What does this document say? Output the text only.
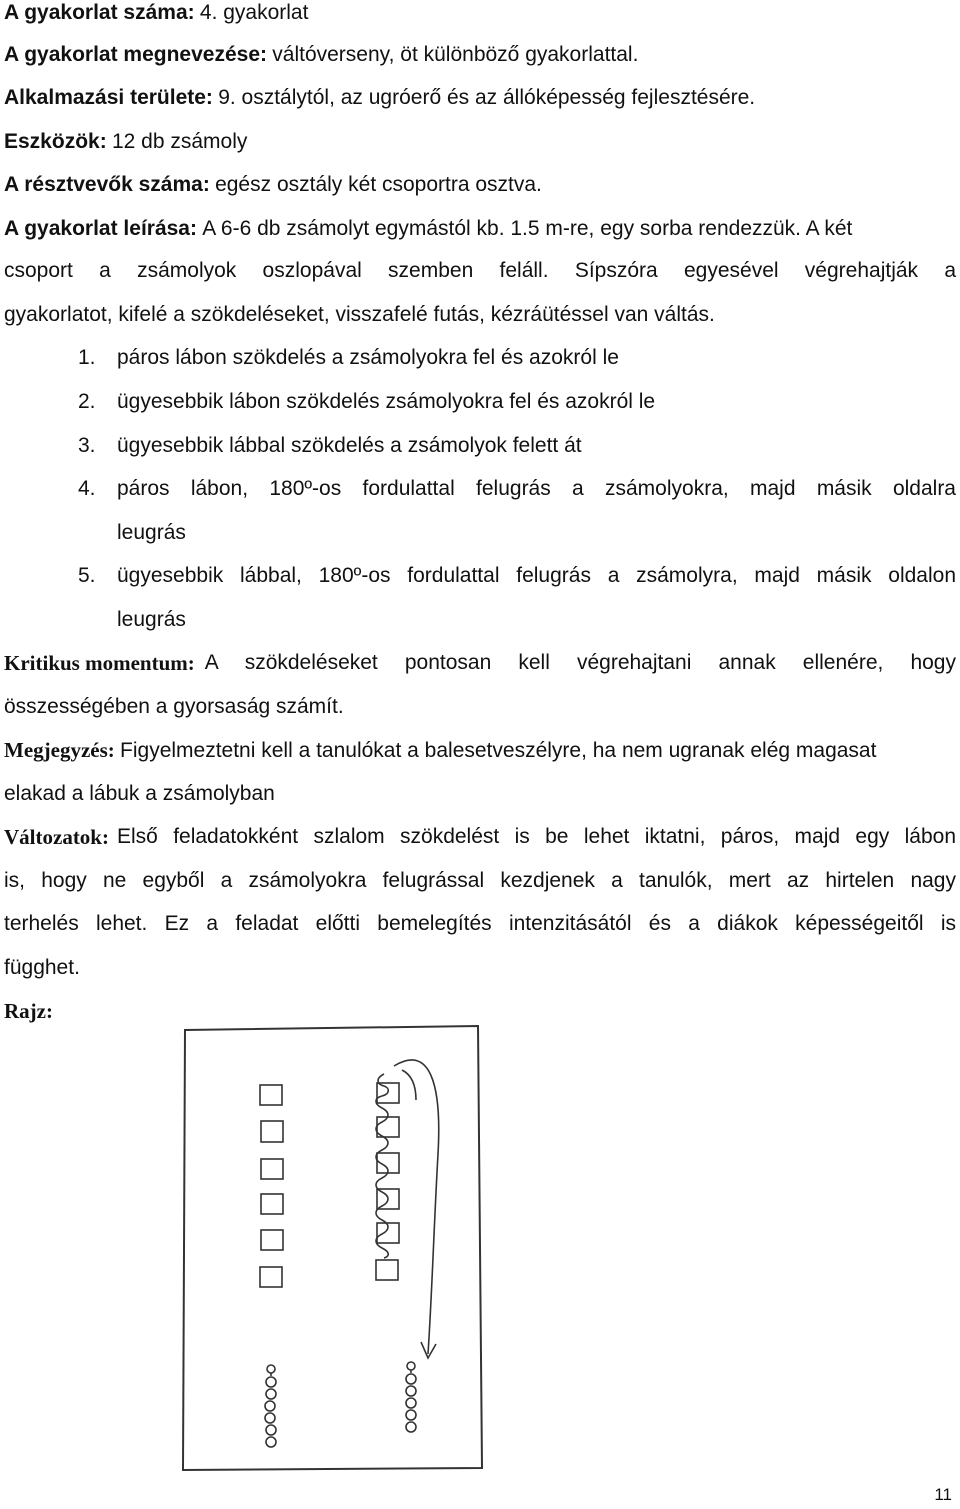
A gyakorlat száma: 4. gyakorlat
A gyakorlat megnevezése: váltóverseny, öt különböző gyakorlattal.
Alkalmazási területe: 9. osztálytól, az ugróerő és az állóképesség fejlesztésére.
Eszközök: 12 db zsámoly
A résztvevők száma: egész osztály két csoportra osztva.
A gyakorlat leírása: A 6-6 db zsámolyt egymástól kb. 1.5 m-re, egy sorba rendezzük. A két
csoport a zsámolyok oszlopával szemben feláll. Sípszóra egyesével végrehajtják a
gyakorlatot, kifelé a szökdeléseket, visszafelé futás, kézráütéssel van váltás.
1. páros lábon szökdelés a zsámolyokra fel és azokról le
2. ügyesebbik lábon szökdelés zsámolyokra fel és azokról le
3. ügyesebbik lábbal szökdelés a zsámolyok felett át
4. páros lábon, 180º-os fordulattal felugrás a zsámolyokra, majd másik oldalra
leugrás
5. ügyesebbik lábbal, 180º-os fordulattal felugrás a zsámolyra, majd másik oldalon
leugrás
Kritikus momentum: A szökdeléseket pontosan kell végrehajtani annak ellenére, hogy
összességében a gyorsaság számít.
Megjegyzés: Figyelmeztetni kell a tanulókat a balesetveszélyre, ha nem ugranak elég magasat
elakad a lábuk a zsámolyban
Változatok: Első feladatokként szlalom szökdelést is be lehet iktatni, páros, majd egy lábon
is, hogy ne egyből a zsámolyokra felugrással kezdjenek a tanulók, mert az hirtelen nagy
terhelés lehet. Ez a feladat előtti bemelegítés intenzitásától és a diákok képességeitől is
függhet.
Rajz:
11
